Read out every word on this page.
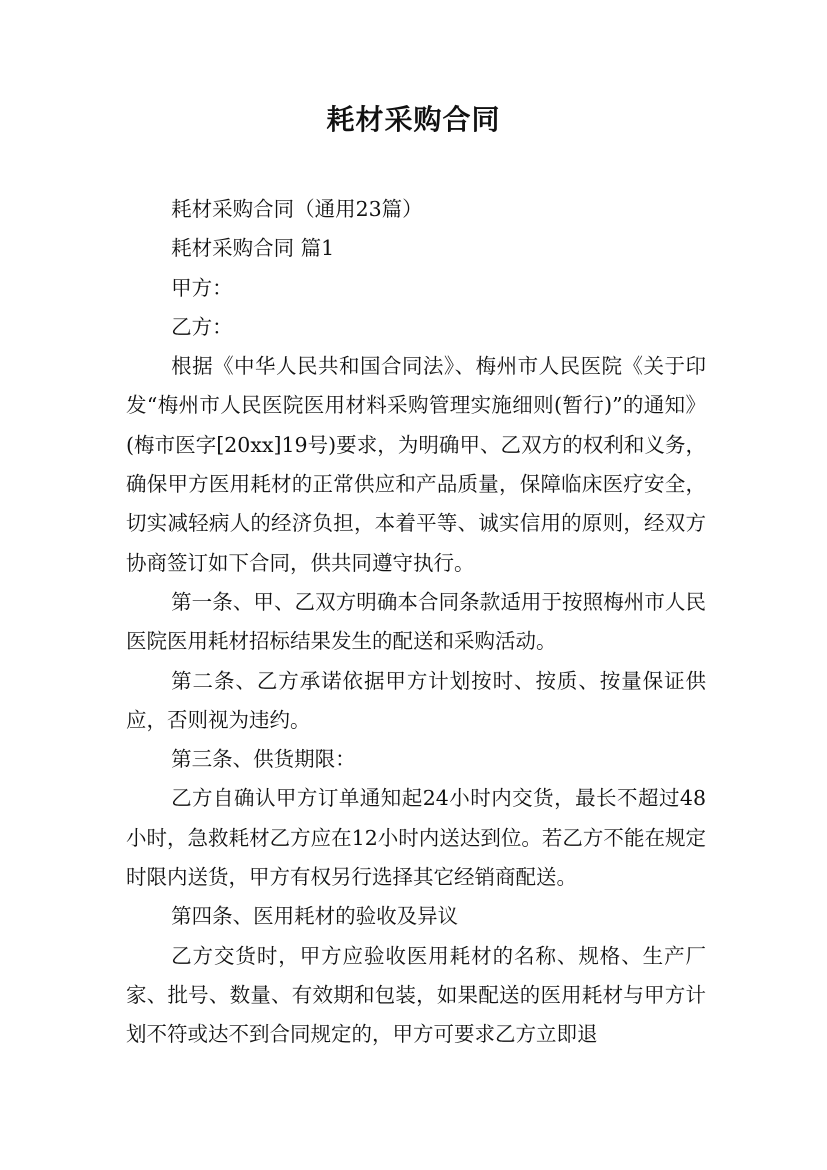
耗材采购合同

耗材采购合同（通用23篇）

耗材采购合同 篇1

甲方：

乙方：

根据《中华人民共和国合同法》、梅州市人民医院《关于印发“梅州市人民医院医用材料采购管理实施细则(暂行)”的通知》(梅市医字[20xx]19号)要求，为明确甲、乙双方的权利和义务，确保甲方医用耗材的正常供应和产品质量，保障临床医疗安全，切实减轻病人的经济负担，本着平等、诚实信用的原则，经双方协商签订如下合同，供共同遵守执行。

第一条、甲、乙双方明确本合同条款适用于按照梅州市人民医院医用耗材招标结果发生的配送和采购活动。

第二条、乙方承诺依据甲方计划按时、按质、按量保证供应，否则视为违约。

第三条、供货期限：

乙方自确认甲方订单通知起24小时内交货，最长不超过48小时，急救耗材乙方应在12小时内送达到位。若乙方不能在规定时限内送货，甲方有权另行选择其它经销商配送。

第四条、医用耗材的验收及异议

乙方交货时，甲方应验收医用耗材的名称、规格、生产厂家、批号、数量、有效期和包装，如果配送的医用耗材与甲方计划不符或达不到合同规定的，甲方可要求乙方立即退
